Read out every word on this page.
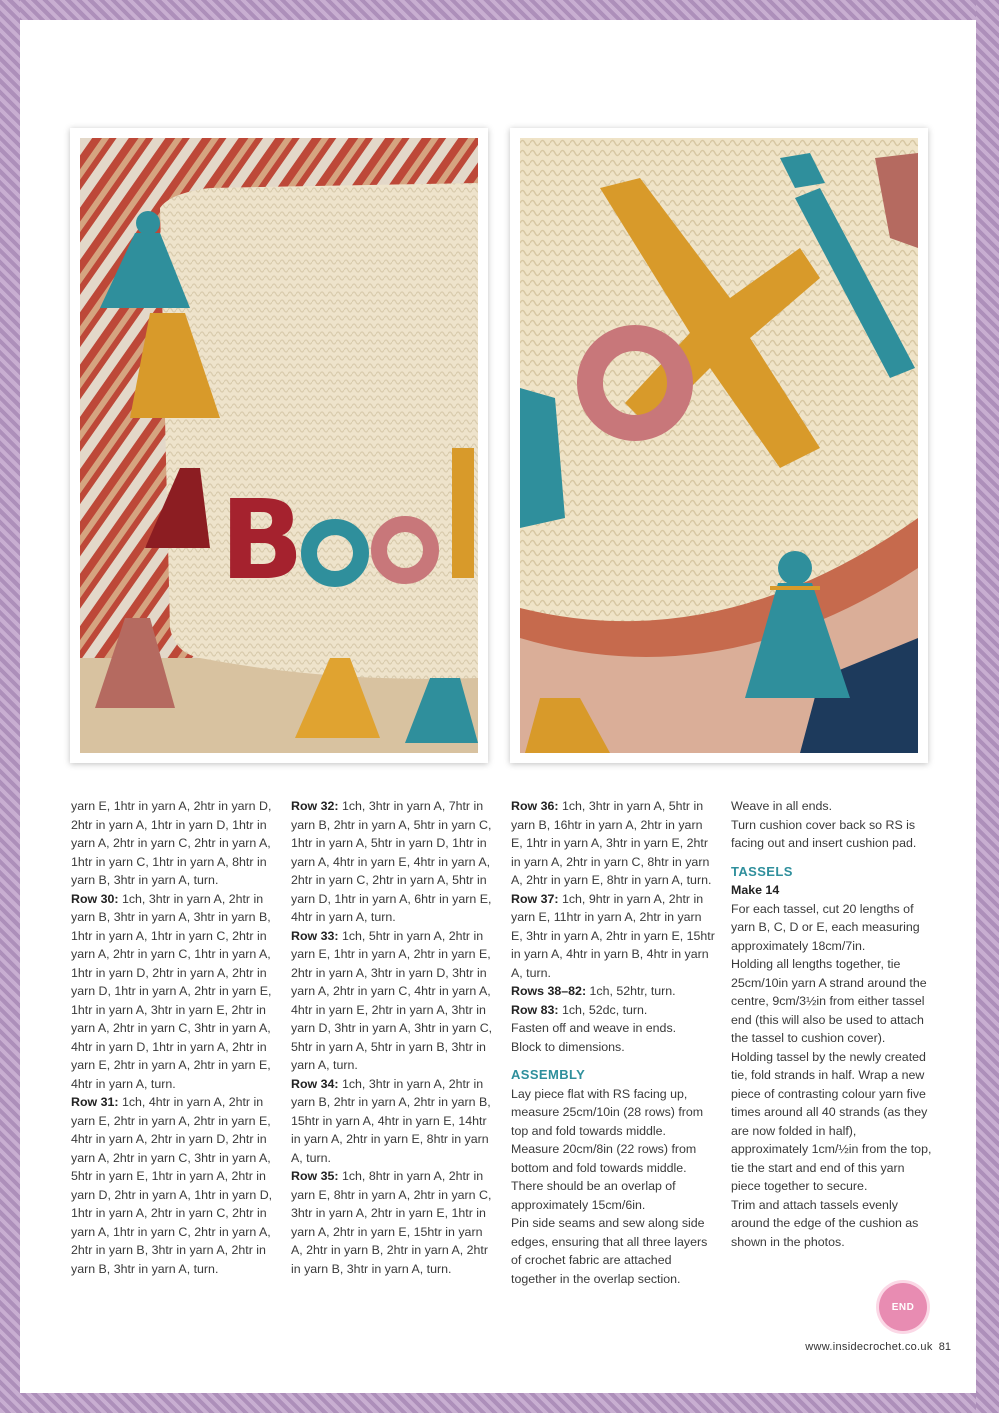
B

yarn E, 1htr in yarn A, 2htr in yarn D, 2htr in yarn A, 1htr in yarn D, 1htr in yarn A, 2htr in yarn C, 2htr in yarn A, 1htr in yarn C, 1htr in yarn A, 8htr in yarn B, 3htr in yarn A, turn.

Row 30: 1ch, 3htr in yarn A, 2htr in yarn B, 3htr in yarn A, 3htr in yarn B, 1htr in yarn A, 1htr in yarn C, 2htr in yarn A, 2htr in yarn C, 1htr in yarn A, 1htr in yarn D, 2htr in yarn A, 2htr in yarn D, 1htr in yarn A, 2htr in yarn E, 1htr in yarn A, 3htr in yarn E, 2htr in yarn A, 2htr in yarn C, 3htr in yarn A, 4htr in yarn D, 1htr in yarn A, 2htr in yarn E, 2htr in yarn A, 2htr in yarn E, 4htr in yarn A, turn.

Row 31: 1ch, 4htr in yarn A, 2htr in yarn E, 2htr in yarn A, 2htr in yarn E, 4htr in yarn A, 2htr in yarn D, 2htr in yarn A, 2htr in yarn C, 3htr in yarn A, 5htr in yarn E, 1htr in yarn A, 2htr in yarn D, 2htr in yarn A, 1htr in yarn D, 1htr in yarn A, 2htr in yarn C, 2htr in yarn A, 1htr in yarn C, 2htr in yarn A, 2htr in yarn B, 3htr in yarn A, 2htr in yarn B, 3htr in yarn A, turn.

Row 32: 1ch, 3htr in yarn A, 7htr in yarn B, 2htr in yarn A, 5htr in yarn C, 1htr in yarn A, 5htr in yarn D, 1htr in yarn A, 4htr in yarn E, 4htr in yarn A, 2htr in yarn C, 2htr in yarn A, 5htr in yarn D, 1htr in yarn A, 6htr in yarn E, 4htr in yarn A, turn.

Row 33: 1ch, 5htr in yarn A, 2htr in yarn E, 1htr in yarn A, 2htr in yarn E, 2htr in yarn A, 3htr in yarn D, 3htr in yarn A, 2htr in yarn C, 4htr in yarn A, 4htr in yarn E, 2htr in yarn A, 3htr in yarn D, 3htr in yarn A, 3htr in yarn C, 5htr in yarn A, 5htr in yarn B, 3htr in yarn A, turn.

Row 34: 1ch, 3htr in yarn A, 2htr in yarn B, 2htr in yarn A, 2htr in yarn B, 15htr in yarn A, 4htr in yarn E, 14htr in yarn A, 2htr in yarn E, 8htr in yarn A, turn.

Row 35: 1ch, 8htr in yarn A, 2htr in yarn E, 8htr in yarn A, 2htr in yarn C, 3htr in yarn A, 2htr in yarn E, 1htr in yarn A, 2htr in yarn E, 15htr in yarn A, 2htr in yarn B, 2htr in yarn A, 2htr in yarn B, 3htr in yarn A, turn.

Row 36: 1ch, 3htr in yarn A, 5htr in yarn B, 16htr in yarn A, 2htr in yarn E, 1htr in yarn A, 3htr in yarn E, 2htr in yarn A, 2htr in yarn C, 8htr in yarn A, 2htr in yarn E, 8htr in yarn A, turn.

Row 37: 1ch, 9htr in yarn A, 2htr in yarn E, 11htr in yarn A, 2htr in yarn E, 3htr in yarn A, 2htr in yarn E, 15htr in yarn A, 4htr in yarn B, 4htr in yarn A, turn.

Rows 38–82: 1ch, 52htr, turn.

Row 83: 1ch, 52dc, turn.

Fasten off and weave in ends.

Block to dimensions.

ASSEMBLY

Lay piece flat with RS facing up, measure 25cm/10in (28 rows) from top and fold towards middle. Measure 20cm/8in (22 rows) from bottom and fold towards middle. There should be an overlap of approximately 15cm/6in.

Pin side seams and sew along side edges, ensuring that all three layers of crochet fabric are attached together in the overlap section.

Weave in all ends.

Turn cushion cover back so RS is facing out and insert cushion pad.

TASSELS

Make 14

For each tassel, cut 20 lengths of yarn B, C, D or E, each measuring approximately 18cm/7in.

Holding all lengths together, tie 25cm/10in yarn A strand around the centre, 9cm/3½in from either tassel end (this will also be used to attach the tassel to cushion cover).

Holding tassel by the newly created tie, fold strands in half. Wrap a new piece of contrasting colour yarn five times around all 40 strands (as they are now folded in half), approximately 1cm/½in from the top, tie the start and end of this yarn piece together to secure.

Trim and attach tassels evenly around the edge of the cushion as shown in the photos.

END
www.insidecrochet.co.uk 81
